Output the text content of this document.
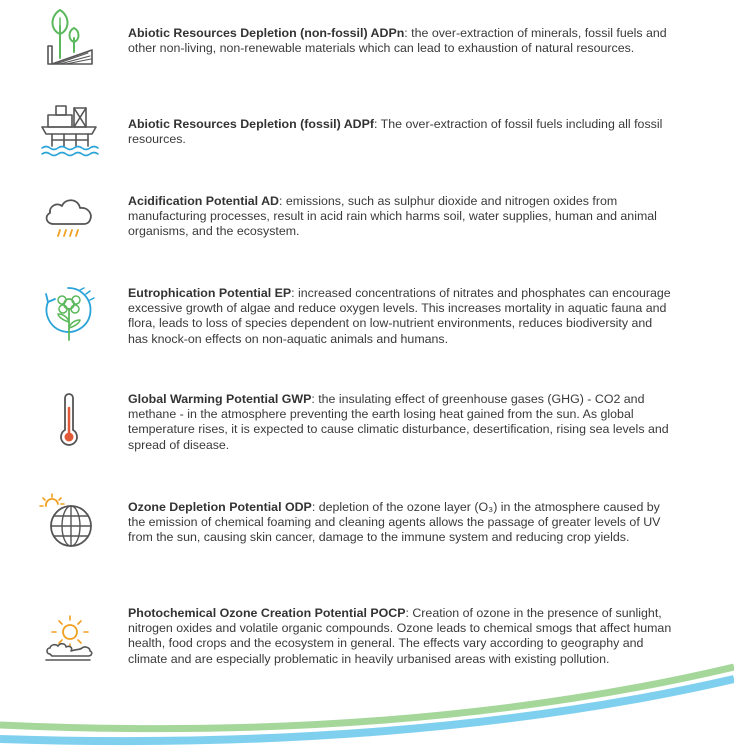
Abiotic Resources Depletion (non-fossil) ADPn: the over-extraction of minerals, fossil fuels and other non-living, non-renewable materials which can lead to exhaustion of natural resources.
Abiotic Resources Depletion (fossil) ADPf: The over-extraction of fossil fuels including all fossil resources.
Acidification Potential AD: emissions, such as sulphur dioxide and nitrogen oxides from manufacturing processes, result in acid rain which harms soil, water supplies, human and animal organisms, and the ecosystem.
Eutrophication Potential EP: increased concentrations of nitrates and phosphates can encourage excessive growth of algae and reduce oxygen levels. This increases mortality in aquatic fauna and flora, leads to loss of species dependent on low-nutrient environments, reduces biodiversity and has knock-on effects on non-aquatic animals and humans.
Global Warming Potential GWP: the insulating effect of greenhouse gases (GHG) - CO2 and methane - in the atmosphere preventing the earth losing heat gained from the sun. As global temperature rises, it is expected to cause climatic disturbance, desertification, rising sea levels and spread of disease.
Ozone Depletion Potential ODP: depletion of the ozone layer (O₃) in the atmosphere caused by the emission of chemical foaming and cleaning agents allows the passage of greater levels of UV from the sun, causing skin cancer, damage to the immune system and reducing crop yields.
Photochemical Ozone Creation Potential POCP: Creation of ozone in the presence of sunlight, nitrogen oxides and volatile organic compounds. Ozone leads to chemical smogs that affect human health, food crops and the ecosystem in general. The effects vary according to geography and climate and are especially problematic in heavily urbanised areas with existing pollution.
